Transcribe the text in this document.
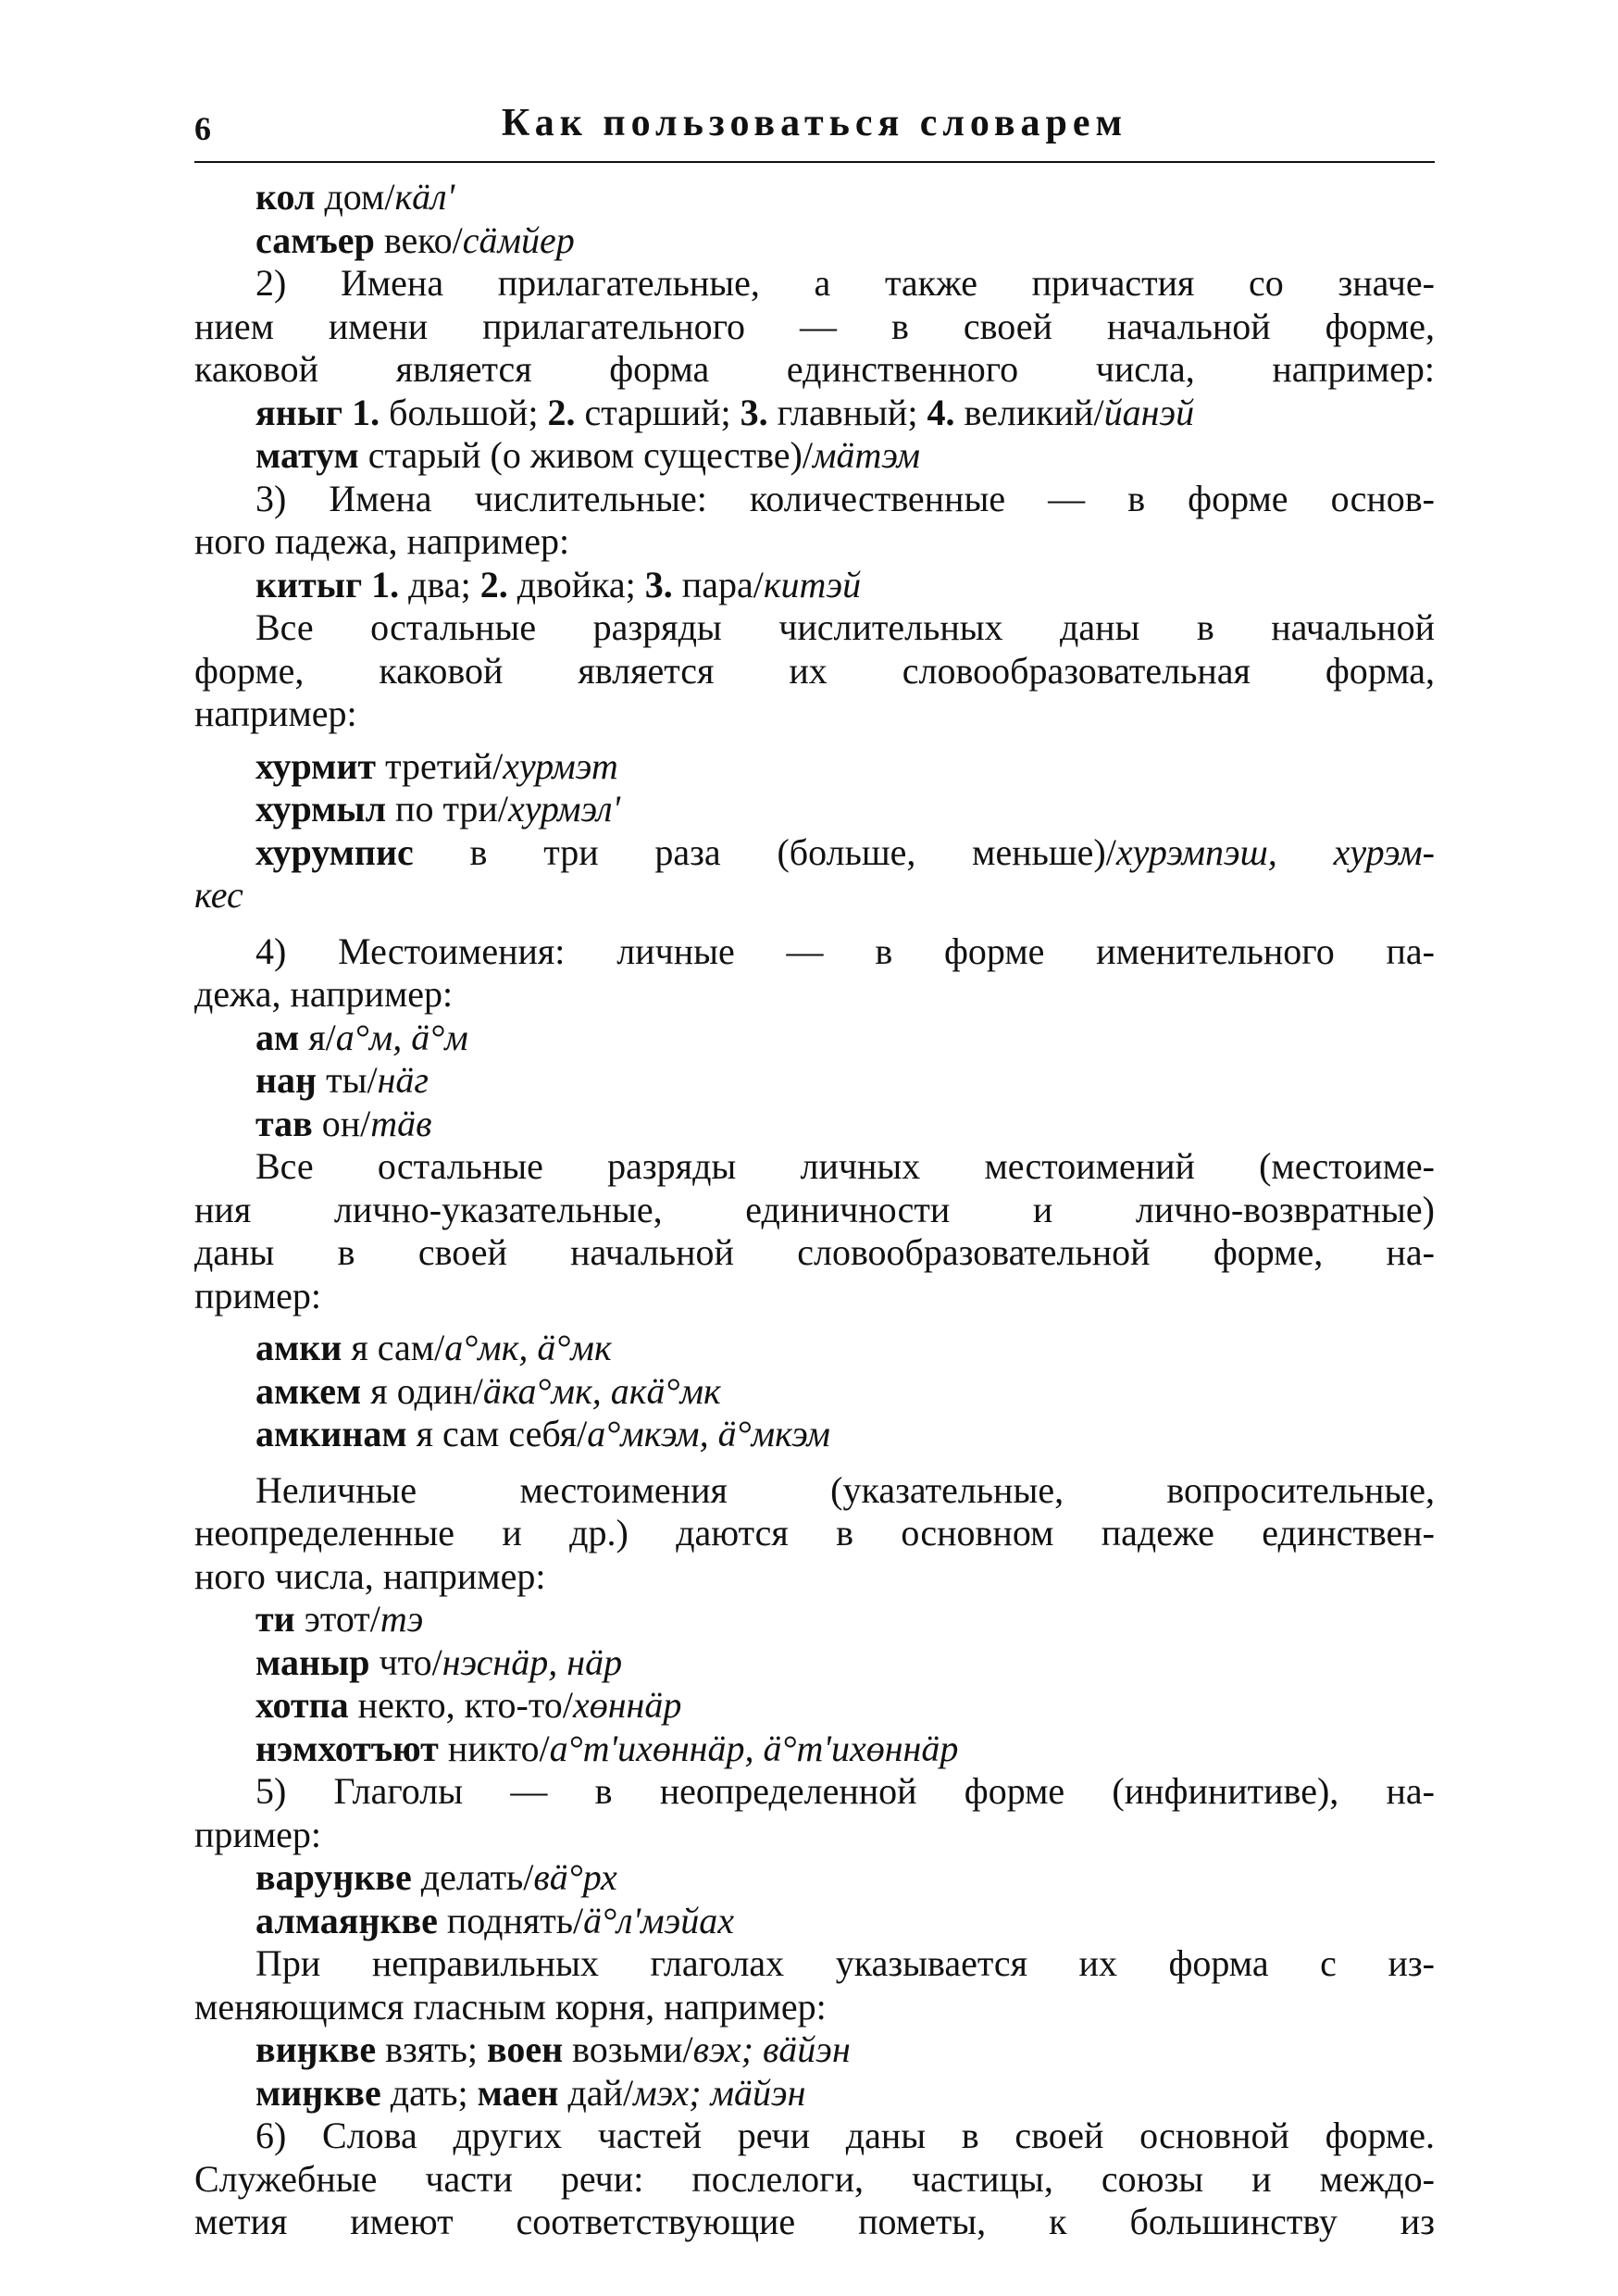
6	Как пользоваться словарем
кол дом/кӓл'
самъер веко/сӓмйер
2) Имена прилагательные, а также причастия со значе-
нием имени прилагательного — в своей начальной форме,
каковой является форма единственного числа, например:
яныг 1. большой; 2. старший; 3. главный; 4. великий/йанэй
матум старый (о живом существе)/мӓтэм
3) Имена числительные: количественные — в форме основ-
ного падежа, например:
китыг 1. два; 2. двойка; 3. пара/китэй
Все остальные разряды числительных даны в начальной
форме, каковой является их словообразовательная форма,
например:
хурмит третий/хурмэт
хурмыл по три/хурмэл'
хурумпис в три раза (больше, меньше)/хурэмпэш, хурэм-
кес
4) Местоимения: личные — в форме именительного па-
дежа, например:
ам я/а°м, ӓ°м
наӈ ты/нӓг
тав он/тӓв
Все остальные разряды личных местоимений (местоиме-
ния лично-указательные, единичности и лично-возвратные)
даны в своей начальной словообразовательной форме, на-
пример:
амки я сам/а°мк, ӓ°мк
амкем я один/ӓка°мк, акӓ°мк
амкинам я сам себя/а°мкэм, ӓ°мкэм
Неличные местоимения (указательные, вопросительные,
неопределенные и др.) даются в основном падеже единствен-
ного числа, например:
ти этот/тэ
маныр что/нэснӓр, нӓр
хотпа некто, кто-то/хөннӓр
нэмхотъют никто/а°т'ихөннӓр, ӓ°т'ихөннӓр
5) Глаголы — в неопределенной форме (инфинитиве), на-
пример:
варуӈкве делать/вӓ°рх
алмаяӈкве поднять/ӓ°л'мэйах
При неправильных глаголах указывается их форма с из-
меняющимся гласным корня, например:
виӈкве взять; воен возьми/вэх; вӓйэн
миӈкве дать; маен дай/мэх; мӓйэн
6) Слова других частей речи даны в своей основной форме.
Служебные части речи: послелоги, частицы, союзы и междо-
метия имеют соответствующие пометы, к большинству из
